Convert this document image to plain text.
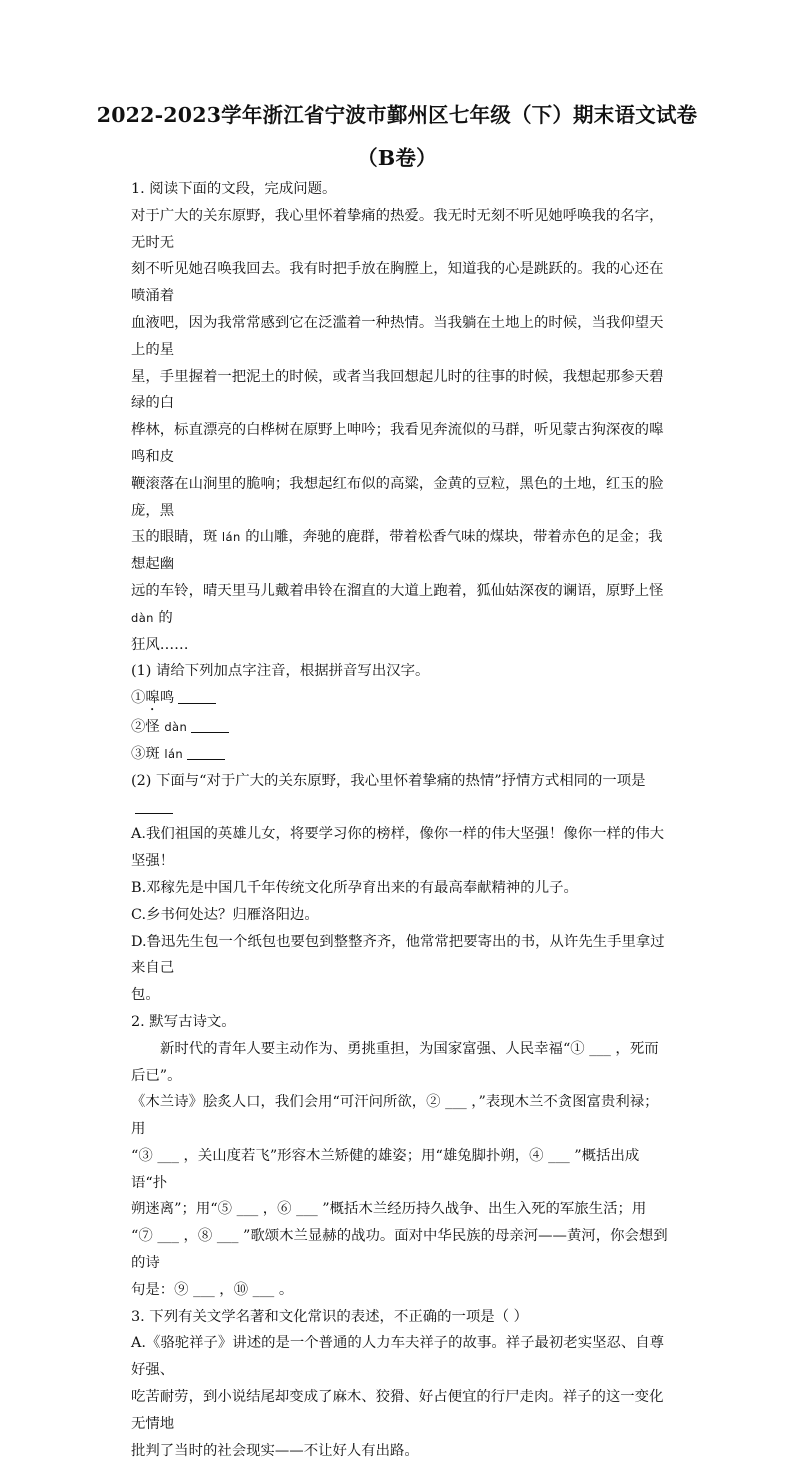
2022-2023学年浙江省宁波市鄞州区七年级（下）期末语文试卷
（B卷）

1. 阅读下面的文段，完成问题。

对于广大的关东原野，我心里怀着挚痛的热爱。我无时无刻不听见她呼唤我的名字，无时无

刻不听见她召唤我回去。我有时把手放在胸膛上，知道我的心是跳跃的。我的心还在喷涌着

血液吧，因为我常常感到它在泛滥着一种热情。当我躺在土地上的时候，当我仰望天上的星

星，手里握着一把泥土的时候，或者当我回想起儿时的往事的时候，我想起那参天碧绿的白

桦林，标直漂亮的白桦树在原野上呻吟；我看见奔流似的马群，听见蒙古狗深夜的嗥鸣和皮

鞭滚落在山涧里的脆响；我想起红布似的高粱，金黄的豆粒，黑色的土地，红玉的脸庞，黑

玉的眼睛，斑 lán 的山雕，奔驰的鹿群，带着松香气味的煤块，带着赤色的足金；我想起幽

远的车铃，晴天里马儿戴着串铃在溜直的大道上跑着，狐仙姑深夜的谰语，原野上怪 dàn 的

狂风……

(1) 请给下列加点字注音，根据拼音写出汉字。

①嗥鸣

②怪 dàn

③斑 lán

(2) 下面与“对于广大的关东原野，我心里怀着挚痛的热情”抒情方式相同的一项是

A.我们祖国的英雄儿女，将要学习你的榜样，像你一样的伟大坚强！像你一样的伟大坚强！

B.邓稼先是中国几千年传统文化所孕育出来的有最高奉献精神的儿子。

C.乡书何处达？归雁洛阳边。

D.鲁迅先生包一个纸包也要包到整整齐齐，他常常把要寄出的书，从许先生手里拿过来自己

包。

2. 默写古诗文。

新时代的青年人要主动作为、勇挑重担，为国家富强、人民幸福“① ___ ，死而后已”。

《木兰诗》脍炙人口，我们会用“可汗问所欲，② ___ ，”表现木兰不贪图富贵利禄；用

“③ ___ ，关山度若飞”形容木兰矫健的雄姿；用“雄兔脚扑朔，④ ___ ”概括出成语“扑

朔迷离”；用“⑤ ___ ，⑥ ___ ”概括木兰经历持久战争、出生入死的军旅生活；用

“⑦ ___ ，⑧ ___ ”歌颂木兰显赫的战功。面对中华民族的母亲河——黄河，你会想到的诗

句是：⑨ ___ ，⑩ ___ 。

3. 下列有关文学名著和文化常识的表述，不正确的一项是（ ）

A.《骆驼祥子》讲述的是一个普通的人力车夫祥子的故事。祥子最初老实坚忍、自尊好强、

吃苦耐劳，到小说结尾却变成了麻木、狡猾、好占便宜的行尸走肉。祥子的这一变化无情地

批判了当时的社会现实——不让好人有出路。
